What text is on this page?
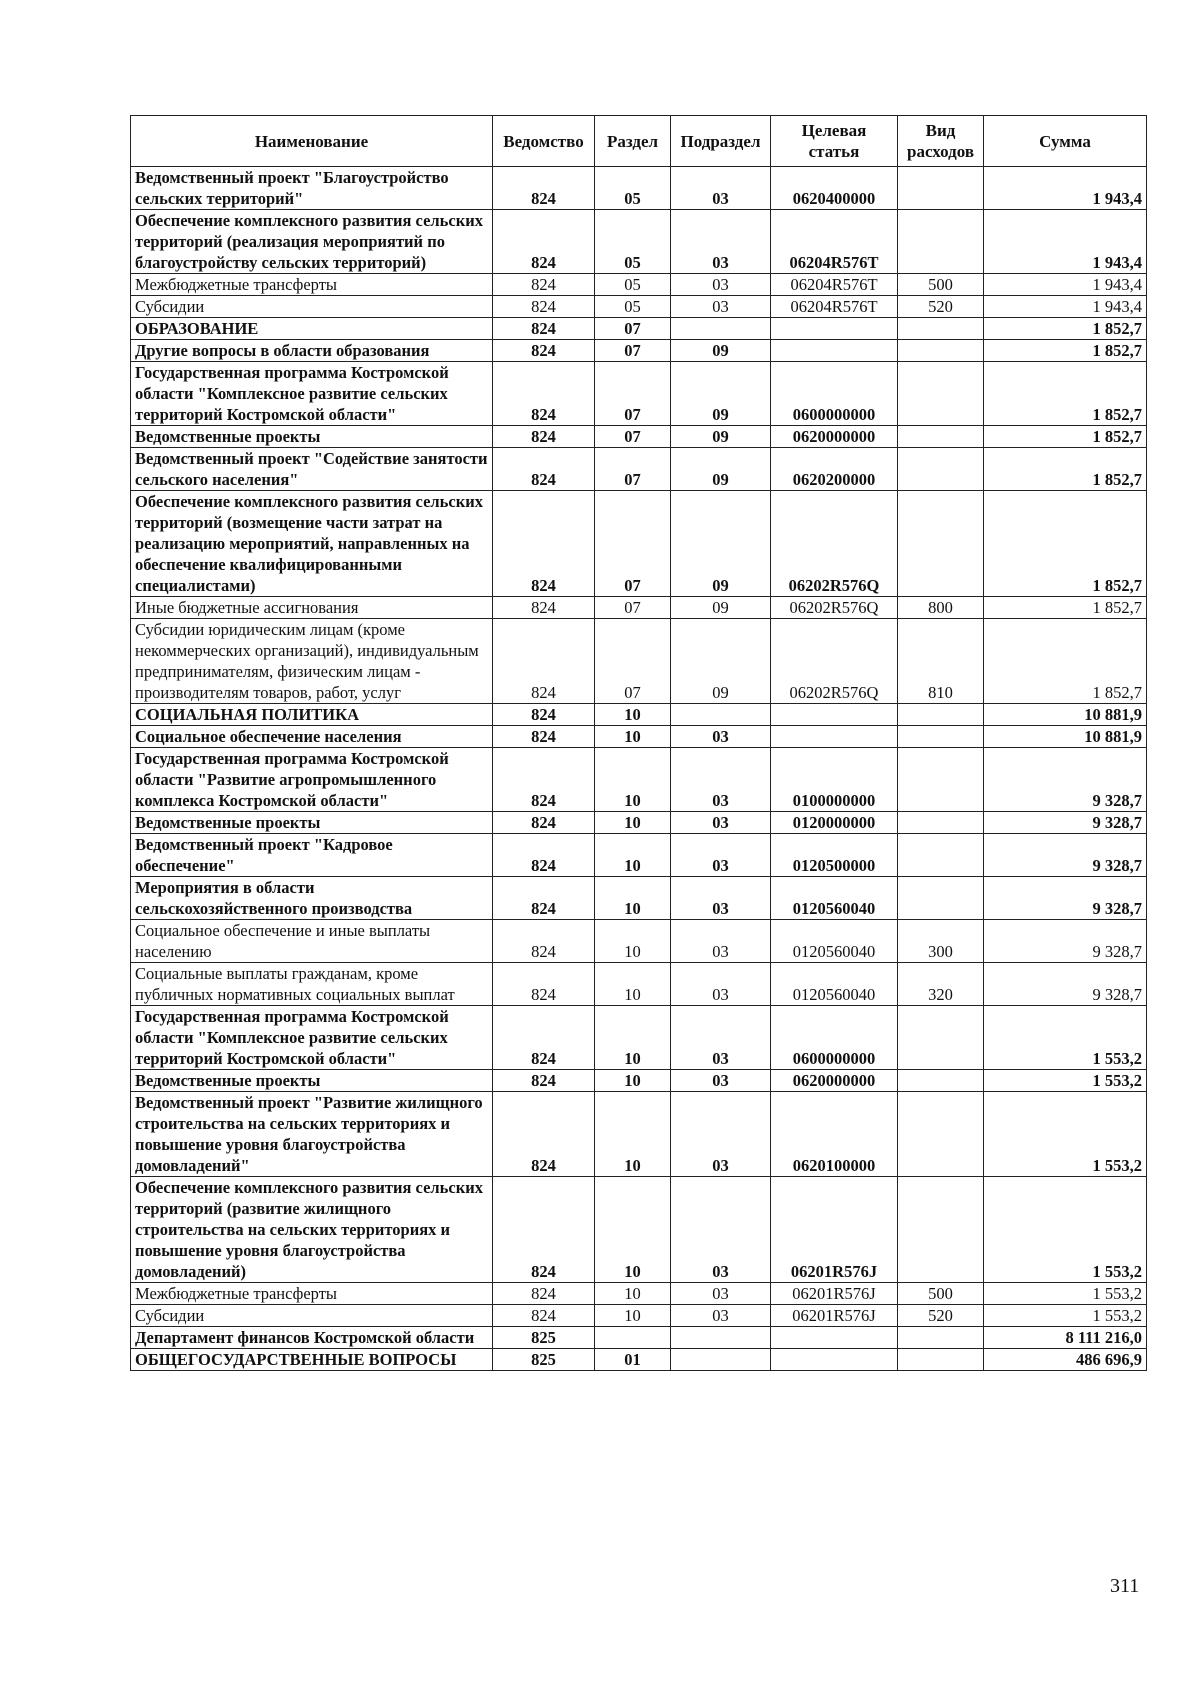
Наименование	Ведомство	Раздел	Подраздел	Целевая статья	Вид расходов	Сумма
Ведомственный проект "Благоустройство сельских территорий"	824	05	03	0620400000		1 943,4
Обеспечение комплексного развития сельских территорий (реализация мероприятий по благоустройству сельских территорий)	824	05	03	06204R576T		1 943,4
Межбюджетные трансферты	824	05	03	06204R576T	500	1 943,4
Субсидии	824	05	03	06204R576T	520	1 943,4
ОБРАЗОВАНИЕ	824	07				1 852,7
Другие вопросы в области образования	824	07	09			1 852,7
Государственная программа Костромской области "Комплексное развитие сельских территорий Костромской области"	824	07	09	0600000000		1 852,7
Ведомственные проекты	824	07	09	0620000000		1 852,7
Ведомственный проект "Содействие занятости сельского населения"	824	07	09	0620200000		1 852,7
Обеспечение комплексного развития сельских территорий (возмещение части затрат на реализацию мероприятий, направленных на обеспечение квалифицированными специалистами)	824	07	09	06202R576Q		1 852,7
Иные бюджетные ассигнования	824	07	09	06202R576Q	800	1 852,7
Субсидии юридическим лицам (кроме некоммерческих организаций), индивидуальным предпринимателям, физическим лицам - производителям товаров, работ, услуг	824	07	09	06202R576Q	810	1 852,7
СОЦИАЛЬНАЯ ПОЛИТИКА	824	10				10 881,9
Социальное обеспечение населения	824	10	03			10 881,9
Государственная программа Костромской области "Развитие агропромышленного комплекса Костромской области"	824	10	03	0100000000		9 328,7
Ведомственные проекты	824	10	03	0120000000		9 328,7
Ведомственный проект "Кадровое обеспечение"	824	10	03	0120500000		9 328,7
Мероприятия в области сельскохозяйственного производства	824	10	03	0120560040		9 328,7
Социальное обеспечение и иные выплаты населению	824	10	03	0120560040	300	9 328,7
Социальные выплаты гражданам, кроме публичных нормативных социальных выплат	824	10	03	0120560040	320	9 328,7
Государственная программа Костромской области "Комплексное развитие сельских территорий Костромской области"	824	10	03	0600000000		1 553,2
Ведомственные проекты	824	10	03	0620000000		1 553,2
Ведомственный проект "Развитие жилищного строительства на сельских территориях и повышение уровня благоустройства домовладений"	824	10	03	0620100000		1 553,2
Обеспечение комплексного развития сельских территорий (развитие жилищного строительства на сельских территориях и повышение уровня благоустройства домовладений)	824	10	03	06201R576J		1 553,2
Межбюджетные трансферты	824	10	03	06201R576J	500	1 553,2
Субсидии	824	10	03	06201R576J	520	1 553,2
Департамент финансов Костромской области	825					8 111 216,0
ОБЩЕГОСУДАРСТВЕННЫЕ ВОПРОСЫ	825	01				486 696,9
311
